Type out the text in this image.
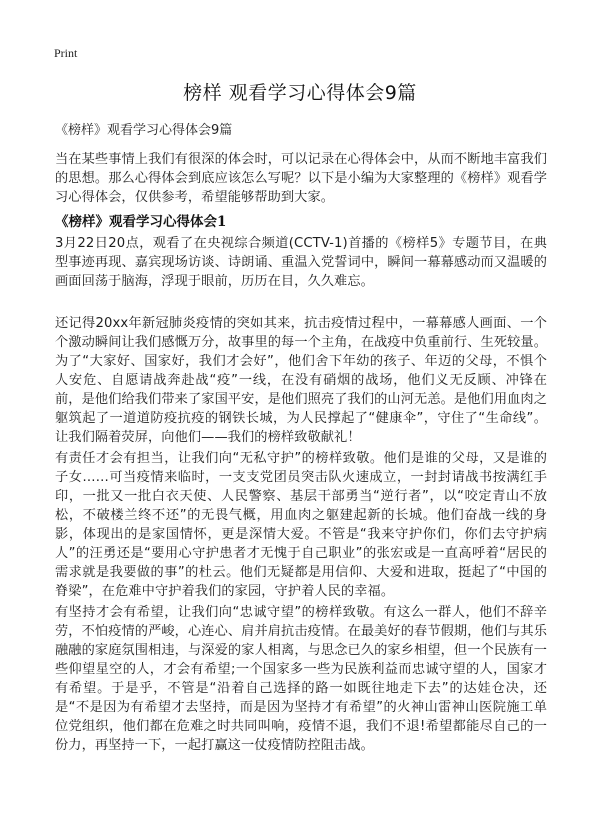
Print
榜样 观看学习心得体会9篇

《榜样》观看学习心得体会9篇

当在某些事情上我们有很深的体会时，可以记录在心得体会中，从而不断地丰富我们的思想。那么心得体会到底应该怎么写呢？以下是小编为大家整理的《榜样》观看学习心得体会，仅供参考，希望能够帮助到大家。

《榜样》观看学习心得体会1

3月22日20点，观看了在央视综合频道(CCTV-1)首播的《榜样5》专题节目，在典型事迹再现、嘉宾现场访谈、诗朗诵、重温入党誓词中，瞬间一幕幕感动而又温暖的画面回荡于脑海，浮现于眼前，历历在目，久久难忘。

还记得20xx年新冠肺炎疫情的突如其来，抗击疫情过程中，一幕幕感人画面、一个个激动瞬间让我们感慨万分，故事里的每一个主角，在战疫中负重前行、生死较量。为了“大家好、国家好，我们才会好”，他们舍下年幼的孩子、年迈的父母，不惧个人安危、自愿请战奔赴战“疫”一线，在没有硝烟的战场，他们义无反顾、冲锋在前，是他们给我们带来了家国平安，是他们照亮了我们的山河无恙。是他们用血肉之躯筑起了一道道防疫抗疫的钢铁长城，为人民撑起了“健康伞”，守住了“生命线”。让我们隔着荧屏，向他们——我们的榜样致敬献礼！

有责任才会有担当，让我们向“无私守护”的榜样致敬。他们是谁的父母，又是谁的子女……可当疫情来临时，一支支党团员突击队火速成立，一封封请战书按满红手印，一批又一批白衣天使、人民警察、基层干部勇当“逆行者”，以“咬定青山不放松，不破楼兰终不还”的无畏气概，用血肉之躯建起新的长城。他们奋战一线的身影，体现出的是家国情怀，更是深情大爱。不管是“我来守护你们，你们去守护病人”的汪勇还是“要用心守护患者才无愧于自己职业”的张宏或是一直高呼着“居民的需求就是我要做的事”的杜云。他们无疑都是用信仰、大爱和进取，挺起了“中国的脊梁”，在危难中守护着我们的家园，守护着人民的幸福。

有坚持才会有希望，让我们向“忠诚守望”的榜样致敬。有这么一群人，他们不辞辛劳，不怕疫情的严峻，心连心、肩并肩抗击疫情。在最美好的春节假期，他们与其乐融融的家庭氛围相违，与深爱的家人相离，与思念已久的家乡相望，但一个民族有一些仰望星空的人，才会有希望;一个国家多一些为民族利益而忠诚守望的人，国家才有希望。于是乎，不管是“沿着自己选择的路一如既往地走下去”的达娃仓决，还是“不是因为有希望才去坚持，而是因为坚持才有希望”的火神山雷神山医院施工单位党组织，他们都在危难之时共同叫响，疫情不退，我们不退!希望都能尽自己的一份力，再坚持一下，一起打赢这一仗疫情防控阻击战。
